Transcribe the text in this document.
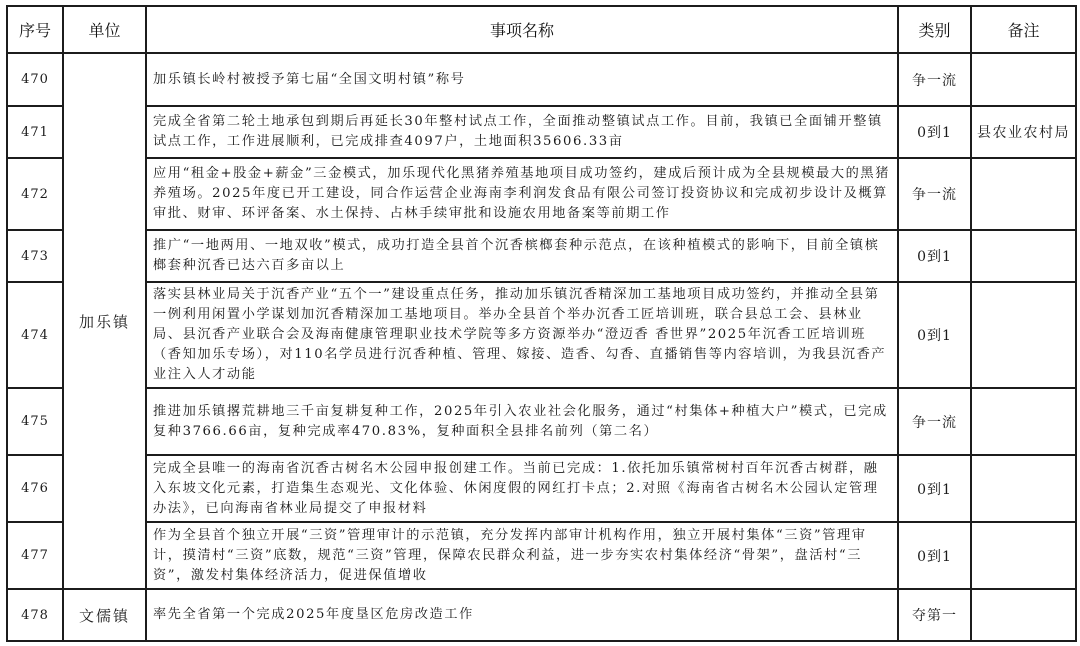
序号	单位	事项名称	类别	备注
470	加乐镇	加乐镇长岭村被授予第七届“全国文明村镇”称号	争一流	
471		完成全省第二轮土地承包到期后再延长30年整村试点工作，全面推动整镇试点工作。目前，我镇已全面铺开整镇试点工作，工作进展顺利，已完成排查4097户，土地面积35606.33亩	0到1	县农业农村局
472		应用“租金+股金+薪金”三金模式，加乐现代化黑猪养殖基地项目成功签约，建成后预计成为全县规模最大的黑猪养殖场。2025年度已开工建设，同合作运营企业海南李利润发食品有限公司签订投资协议和完成初步设计及概算审批、财审、环评备案、水土保持、占林手续审批和设施农用地备案等前期工作	争一流	
473		推广“一地两用、一地双收”模式，成功打造全县首个沉香槟榔套种示范点，在该种植模式的影响下，目前全镇槟榔套种沉香已达六百多亩以上	0到1	
474		落实县林业局关于沉香产业“五个一”建设重点任务，推动加乐镇沉香精深加工基地项目成功签约，并推动全县第一例利用闲置小学谋划加沉香精深加工基地项目。举办全县首个举办沉香工匠培训班，联合县总工会、县林业局、县沉香产业联合会及海南健康管理职业技术学院等多方资源举办“澄迈香 香世界”2025年沉香工匠培训班（香知加乐专场），对110名学员进行沉香种植、管理、嫁接、造香、勾香、直播销售等内容培训，为我县沉香产业注入人才动能	0到1	
475		推进加乐镇撂荒耕地三千亩复耕复种工作，2025年引入农业社会化服务，通过“村集体+种植大户”模式，已完成复种3766.66亩，复种完成率470.83%，复种面积全县排名前列（第二名）	争一流	
476		完成全县唯一的海南省沉香古树名木公园申报创建工作。当前已完成：1.依托加乐镇常树村百年沉香古树群，融入东坡文化元素，打造集生态观光、文化体验、休闲度假的网红打卡点；2.对照《海南省古树名木公园认定管理办法》，已向海南省林业局提交了申报材料	0到1	
477		作为全县首个独立开展“三资”管理审计的示范镇，充分发挥内部审计机构作用，独立开展村集体“三资”管理审计，摸清村“三资”底数，规范“三资”管理，保障农民群众利益，进一步夯实农村集体经济“骨架”，盘活村“三资”，激发村集体经济活力，促进保值增收	0到1	
478	文儒镇	率先全省第一个完成2025年度垦区危房改造工作	夺第一	
